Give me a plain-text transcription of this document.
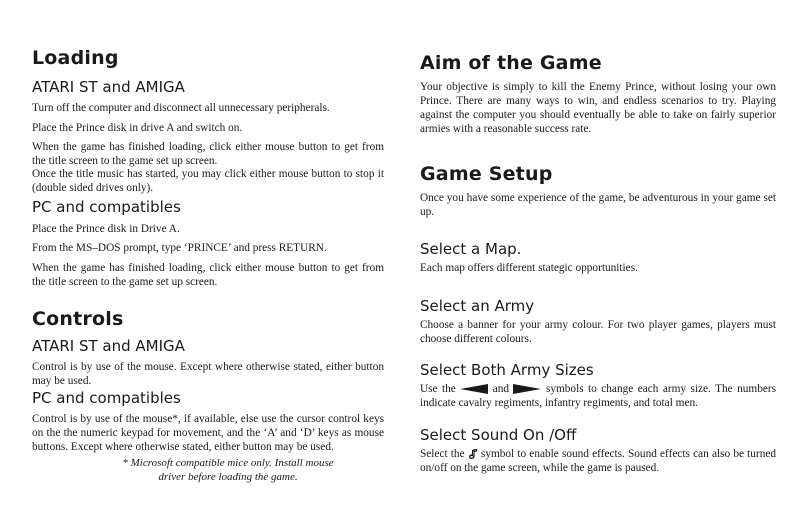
Loading
ATARI ST and AMIGA
Turn off the computer and disconnect all unnecessary peripherals.
Place the Prince disk in drive A and switch on.
When the game has finished loading, click either mouse button to get from the title screen to the game set up screen.
Once the title music has started, you may click either mouse button to stop it (double sided drives only).
PC and compatibles
Place the Prince disk in Drive A.
From the MS–DOS prompt, type ‘PRINCE’ and press RETURN.
When the game has finished loading, click either mouse button to get from the title screen to the game set up screen.
Controls
ATARI ST and AMIGA
Control is by use of the mouse. Except where otherwise stated, either button may be used.
PC and compatibles
Control is by use of the mouse*, if available, else use the cursor control keys on the the numeric keypad for movement, and the ‘A’ and ‘D’ keys as mouse buttons. Except where otherwise stated, either button may be used.
* Microsoft compatible mice only. Install mouse
driver before loading the game.
Aim of the Game
Your objective is simply to kill the Enemy Prince, without losing your own Prince. There are many ways to win, and endless scenarios to try. Playing against the computer you should eventually be able to take on fairly superior armies with a reasonable success rate.
Game Setup
Once you have some experience of the game, be adventurous in your game set up.
Select a Map.
Each map offers different stategic opportunities.
Select an Army
Choose a banner for your army colour. For two player games, players must choose different colours.
Select Both Army Sizes
Use the	and	symbols to change each army size. The numbers indicate cavalry regiments, infantry regiments, and total men.
Select Sound On /Off
Select the symbol to enable sound effects. Sound effects can also be turned on/off on the game screen, while the game is paused.
